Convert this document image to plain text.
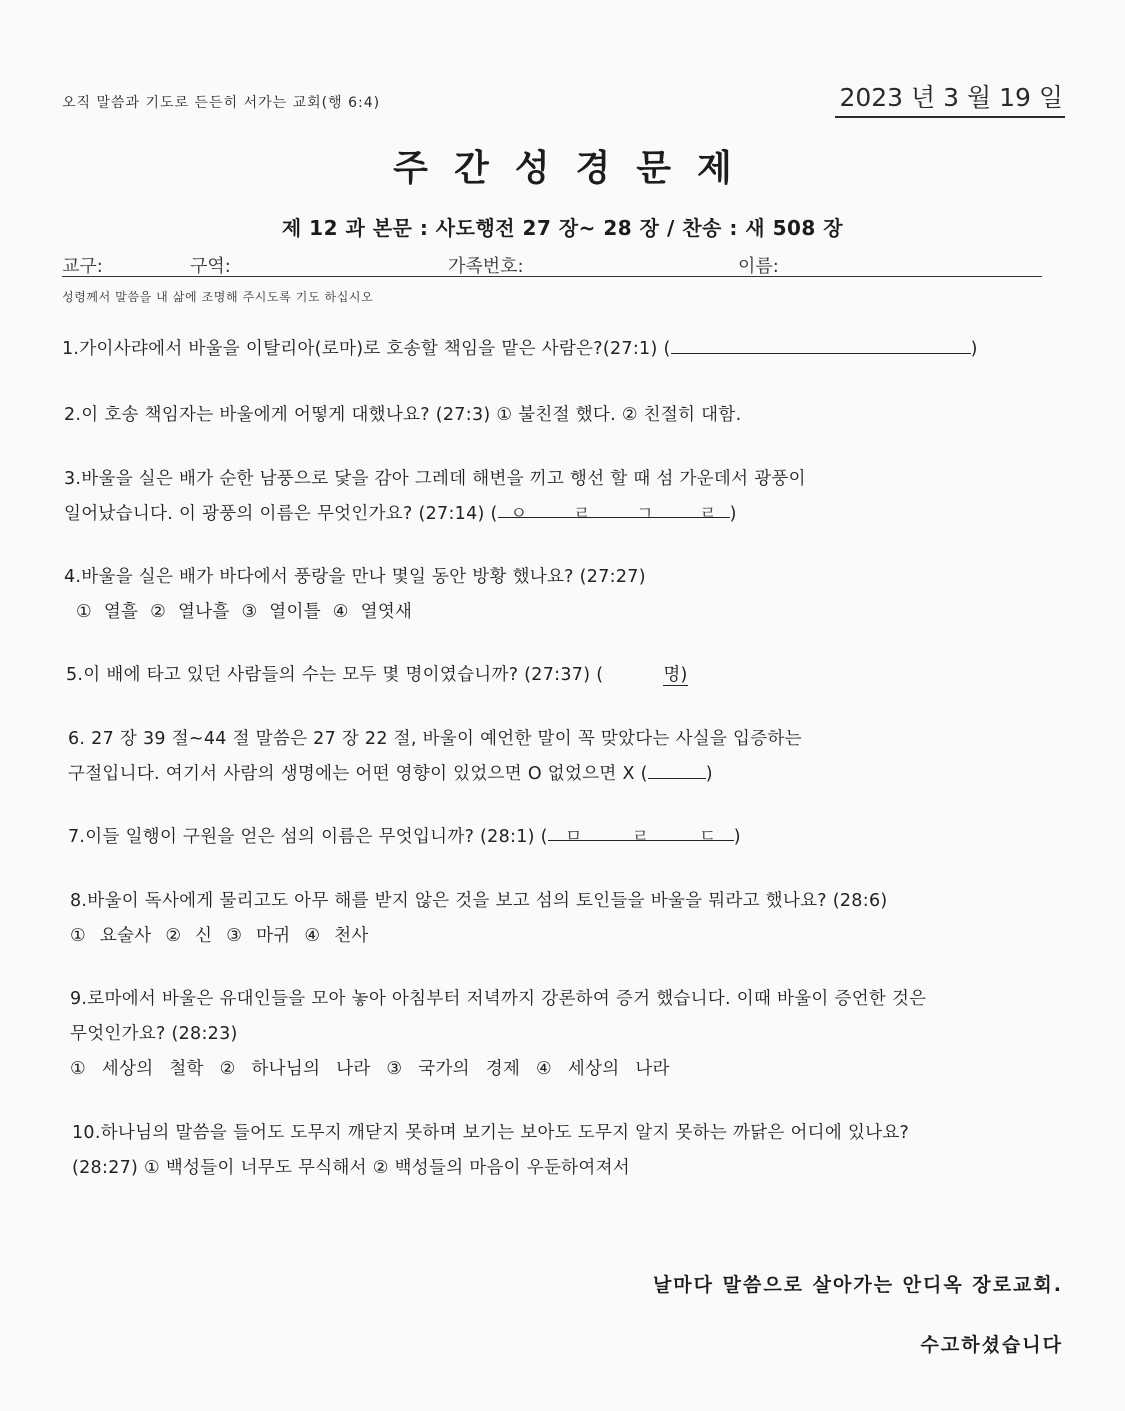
오직 말씀과 기도로 든든히 서가는 교회(행 6:4)	2023 년 3 월 19 일
주간성경문제
제 12 과 본문 : 사도행전 27 장~ 28 장 / 찬송 : 새 508 장
교구:	구역:	가족번호:	이름:
성령께서 말씀을 내 삶에 조명해 주시도록 기도 하십시오
1.가이사랴에서 바울을 이탈리아(로마)로 호송할 책임을 맡은 사람은?(27:1) (	)
2.이 호송 책임자는 바울에게 어떻게 대했나요? (27:3) ① 불친절 했다. ② 친절히 대함.
3.바울을 실은 배가 순한 남풍으로 닻을 감아 그레데 해변을 끼고 행선 할 때 섬 가운데서 광풍이
일어났습니다. 이 광풍의 이름은 무엇인가요? (27:14) ( ㅇ ㄹ ㄱ ㄹ )
4.바울을 실은 배가 바다에서 풍랑을 만나 몇일 동안 방황 했나요? (27:27)
① 열흘 ② 열나흘 ③ 열이틀 ④ 열엿새
5.이 배에 타고 있던 사람들의 수는 모두 몇 명이였습니까? (27:37) (	명)
6. 27 장 39 절~44 절 말씀은 27 장 22 절, 바울이 예언한 말이 꼭 맞았다는 사실을 입증하는
구절입니다. 여기서 사람의 생명에는 어떤 영향이 있었으면 O 없었으면 X (	)
7.이들 일행이 구원을 얻은 섬의 이름은 무엇입니까? (28:1) ( ㅁ ㄹ ㄷ )
8.바울이 독사에게 물리고도 아무 해를 받지 않은 것을 보고 섬의 토인들을 바울을 뭐라고 했나요? (28:6)
① 요술사 ② 신 ③ 마귀 ④ 천사
9.로마에서 바울은 유대인들을 모아 놓아 아침부터 저녁까지 강론하여 증거 했습니다. 이때 바울이 증언한 것은
무엇인가요? (28:23)
① 세상의 철학 ② 하나님의 나라 ③ 국가의 경제 ④ 세상의 나라
10.하나님의 말씀을 들어도 도무지 깨닫지 못하며 보기는 보아도 도무지 알지 못하는 까닭은 어디에 있나요?
(28:27) ① 백성들이 너무도 무식해서 ② 백성들의 마음이 우둔하여져서
날마다 말씀으로 살아가는 안디옥 장로교회.
수고하셨습니다
